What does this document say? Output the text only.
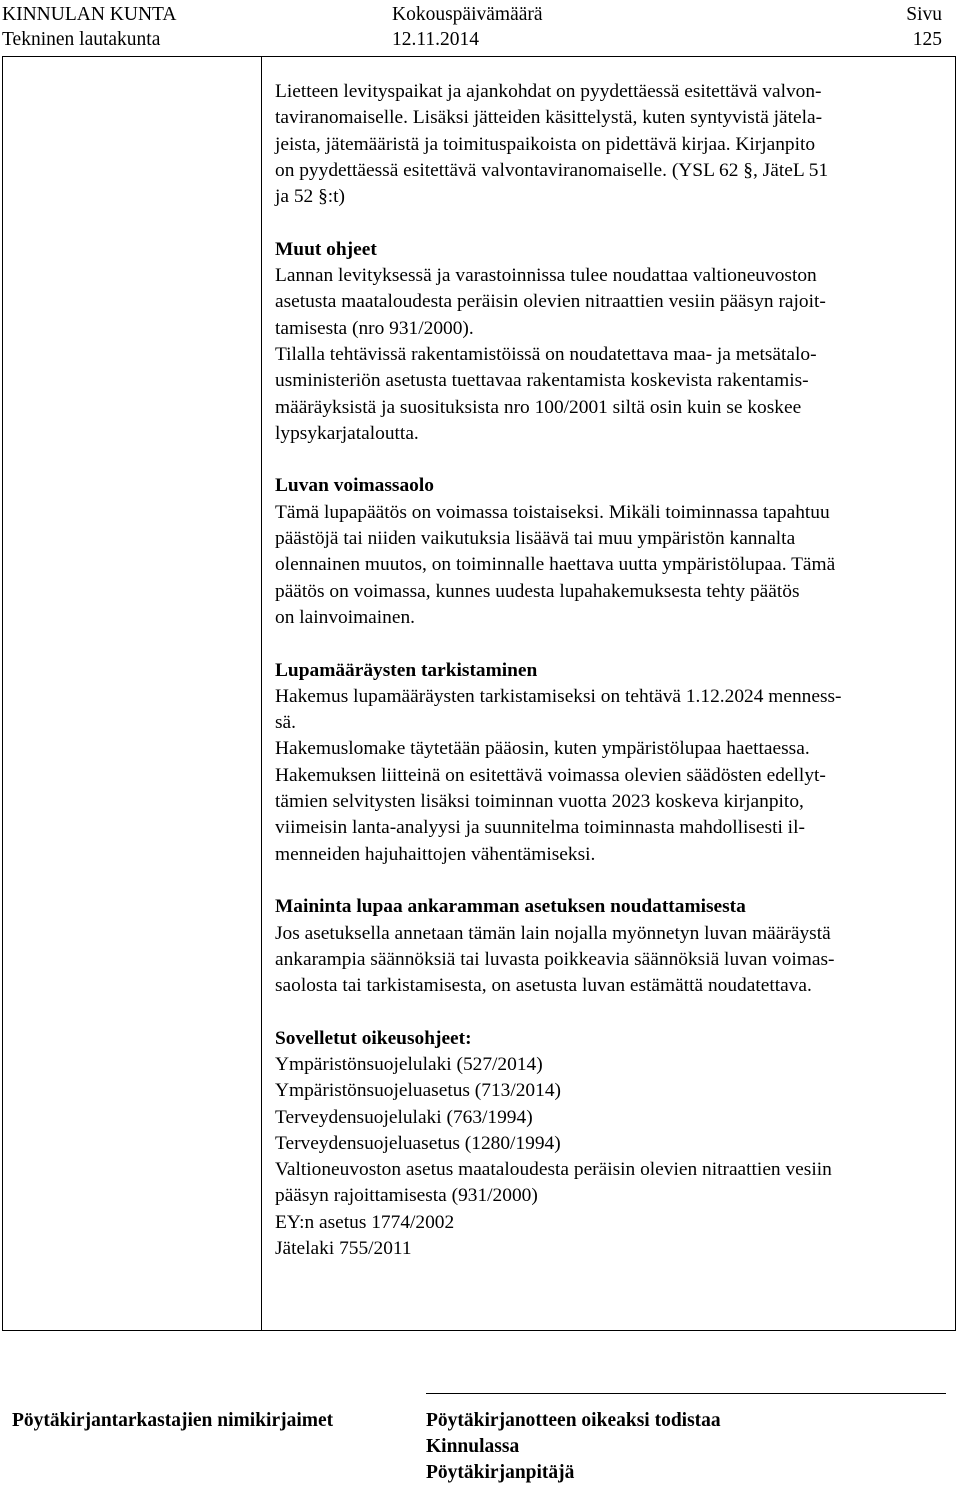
KINNULAN KUNTA
Tekninen lautakunta
Kokouspäivämäärä
12.11.2014
Sivu
125

Lietteen levityspaikat ja ajankohdat on pyydettäessä esitettävä valvon-
taviranomaiselle. Lisäksi jätteiden käsittelystä, kuten syntyvistä jätela-
jeista, jätemääristä ja toimituspaikoista on pidettävä kirjaa. Kirjanpito
on pyydettäessä esitettävä valvontaviranomaiselle. (YSL 62 §, JäteL 51
ja 52 §:t)

Muut ohjeet

Lannan levityksessä ja varastoinnissa tulee noudattaa valtioneuvoston
asetusta maataloudesta peräisin olevien nitraattien vesiin pääsyn rajoit-
tamisesta (nro 931/2000).
Tilalla tehtävissä rakentamistöissä on noudatettava maa- ja metsätalo-
usministeriön asetusta tuettavaa rakentamista koskevista rakentamis-
määräyksistä ja suosituksista nro 100/2001 siltä osin kuin se koskee
lypsykarjataloutta.

Luvan voimassaolo

Tämä lupapäätös on voimassa toistaiseksi. Mikäli toiminnassa tapahtuu
päästöjä tai niiden vaikutuksia lisäävä tai muu ympäristön kannalta
olennainen muutos, on toiminnalle haettava uutta ympäristölupaa. Tämä
päätös on voimassa, kunnes uudesta lupahakemuksesta tehty päätös
on lainvoimainen.

Lupamääräysten tarkistaminen

Hakemus lupamääräysten tarkistamiseksi on tehtävä 1.12.2024 menness-
sä.
Hakemuslomake täytetään pääosin, kuten ympäristölupaa haettaessa.
Hakemuksen liitteinä on esitettävä voimassa olevien säädösten edellyt-
tämien selvitysten lisäksi toiminnan vuotta 2023 koskeva kirjanpito,
viimeisin lanta-analyysi ja suunnitelma toiminnasta mahdollisesti il-
menneiden hajuhaittojen vähentämiseksi.

Maininta lupaa ankaramman asetuksen noudattamisesta

Jos asetuksella annetaan tämän lain nojalla myönnetyn luvan määräystä
ankarampia säännöksiä tai luvasta poikkeavia säännöksiä luvan voimas-
saolosta tai tarkistamisesta, on asetusta luvan estämättä noudatettava.

Sovelletut oikeusohjeet:

Ympäristönsuojelulaki (527/2014)
Ympäristönsuojeluasetus (713/2014)
Terveydensuojelulaki (763/1994)
Terveydensuojeluasetus (1280/1994)
Valtioneuvoston asetus maataloudesta peräisin olevien nitraattien vesiin
pääsyn rajoittamisesta (931/2000)
EY:n asetus 1774/2002
Jätelaki 755/2011

Pöytäkirjantarkastajien nimikirjaimet	Pöytäkirjanotteen oikeaksi todistaa
Kinnulassa
Pöytäkirjanpitäjä
